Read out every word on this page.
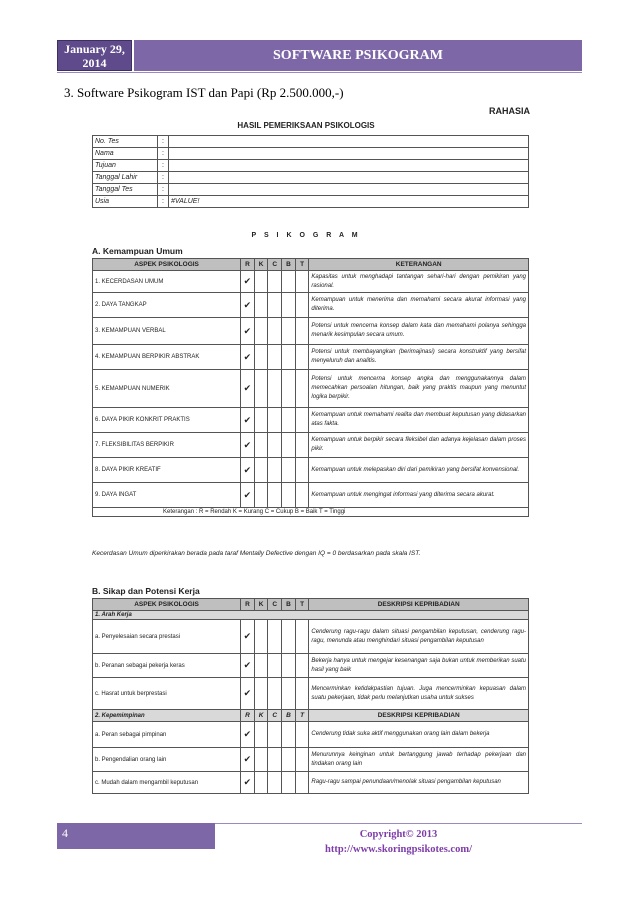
January 29, 2014	SOFTWARE PSIKOGRAM
3. Software Psikogram IST dan Papi (Rp 2.500.000,-)
RAHASIA
HASIL PEMERIKSAAN PSIKOLOGIS
No. Tes	:	
Nama	:	
Tujuan	:	
Tanggal Lahir	:	
Tanggal Tes	:	
Usia	:	#VALUE!
P S I K O G R A M
A. Kemampuan Umum
ASPEK PSIKOLOGIS	R	K	C	B	T	KETERANGAN
1. KECERDASAN UMUM	✔					Kapasitas untuk menghadapi tantangan sehari-hari dengan pemikiran yang rasional.
2. DAYA TANGKAP	✔					Kemampuan untuk menerima dan memahami secara akurat informasi yang diterima.
3. KEMAMPUAN VERBAL	✔					Potensi untuk mencerna konsep dalam kata dan memahami polanya sehingga menarik kesimpulan secara umum.
4. KEMAMPUAN BERPIKIR ABSTRAK	✔					Potensi untuk membayangkan (berimajinasi) secara konstruktif yang bersifat menyeluruh dan analitis.
5. KEMAMPUAN NUMERIK	✔					Potensi untuk mencerna konsep angka dan menggunakannya dalam memecahkan persoalan hitungan, baik yang praktis maupun yang menuntut logika berpikir.
6. DAYA PIKIR KONKRIT PRAKTIS	✔					Kemampuan untuk memahami realita dan membuat keputusan yang didasarkan atas fakta.
7. FLEKSIBILITAS BERPIKIR	✔					Kemampuan untuk berpikir secara fleksibel dan adanya kejelasan dalam proses pikir.
8. DAYA PIKIR KREATIF	✔					Kemampuan untuk melepaskan diri dari pemikiran yang bersifat konvensional.
9. DAYA INGAT	✔					Kemampuan untuk mengingat informasi yang diterima secara akurat.
Keterangan : R = Rendah K = Kurang C = Cukup B = Baik T = Tinggi						
Kecerdasan Umum diperkirakan berada pada taraf Mentally Defective dengan IQ = 0 berdasarkan pada skala IST.
B. Sikap dan Potensi Kerja
ASPEK PSIKOLOGIS	R	K	C	B	T	DESKRIPSI KEPRIBADIAN
1. Arah Kerja						
a. Penyelesaian secara prestasi	✔					Cenderung ragu-ragu dalam situasi pengambilan keputusan, cenderung ragu-ragu, menunda atau menghindari situasi pengambilan keputusan
b. Peranan sebagai pekerja keras	✔					Bekerja hanya untuk mengejar kesenangan saja bukan untuk memberikan suatu hasil yang baik
c. Hasrat untuk berprestasi	✔					Mencerminkan ketidakpastian tujuan. Juga mencerminkan kepuasan dalam suatu pekerjaan, tidak perlu melanjutkan usaha untuk sukses
2. Kepemimpinan	R	K	C	B	T	DESKRIPSI KEPRIBADIAN
a. Peran sebagai pimpinan	✔					Cenderung tidak suka aktif menggunakan orang lain dalam bekerja
b. Pengendalian orang lain	✔					Menurunnya keinginan untuk bertanggung jawab terhadap pekerjaan dan tindakan orang lain
c. Mudah dalam mengambil keputusan	✔					Ragu-ragu sampai penundaan/menolak situasi pengambilan keputusan
4	Copyright© 2013
http://www.skoringpsikotes.com/
